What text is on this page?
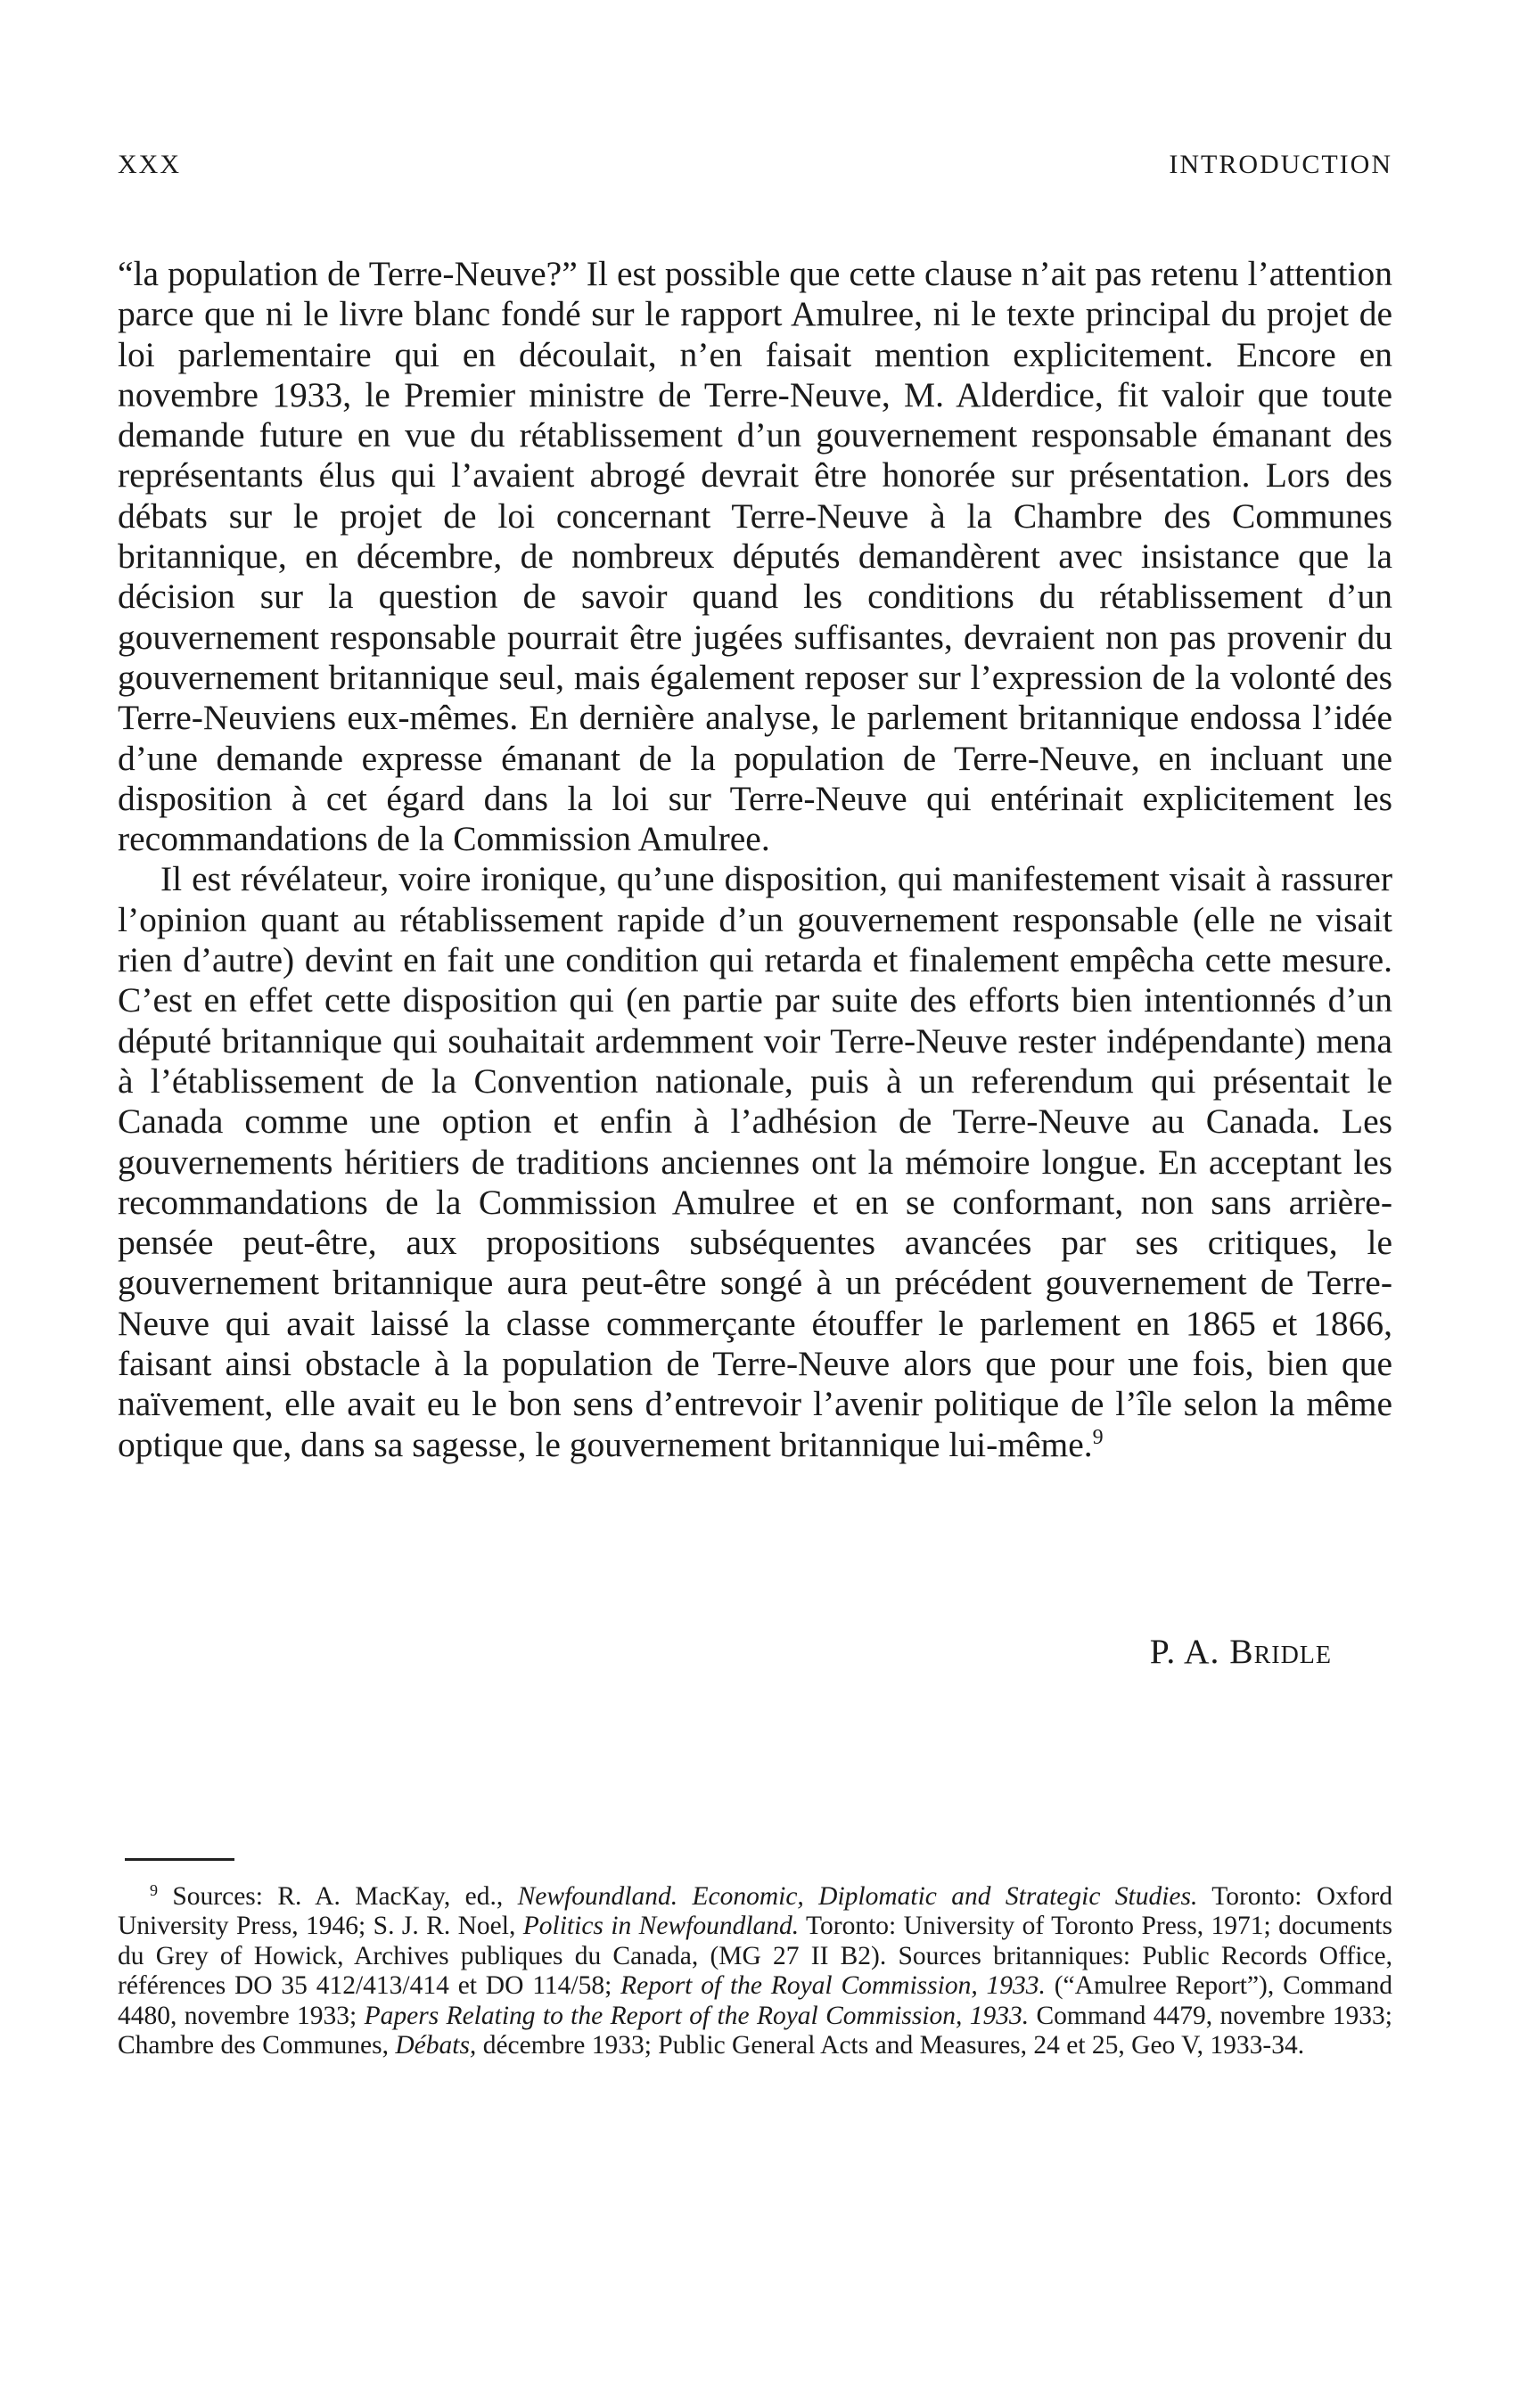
XXX	INTRODUCTION

“la population de Terre-Neuve?” Il est possible que cette clause n’ait pas retenu l’attention parce que ni le livre blanc fondé sur le rapport Amulree, ni le texte principal du projet de loi parlementaire qui en découlait, n’en faisait mention explicitement. Encore en novembre 1933, le Premier ministre de Terre-Neuve, M. Alderdice, fit valoir que toute demande future en vue du rétablissement d’un gouvernement responsable émanant des représentants élus qui l’avaient abrogé devrait être honorée sur présentation. Lors des débats sur le projet de loi concernant Terre-Neuve à la Chambre des Communes britannique, en décembre, de nombreux députés demandèrent avec insistance que la décision sur la question de savoir quand les conditions du rétablissement d’un gouvernement responsable pourrait être jugées suffisantes, devraient non pas provenir du gouvernement britannique seul, mais également reposer sur l’expression de la volonté des Terre-Neuviens eux-mêmes. En dernière analyse, le parlement britannique endossa l’idée d’une demande expresse émanant de la population de Terre-Neuve, en incluant une disposition à cet égard dans la loi sur Terre-Neuve qui entérinait explicitement les recommandations de la Commission Amulree.

Il est révélateur, voire ironique, qu’une disposition, qui manifestement visait à rassurer l’opinion quant au rétablissement rapide d’un gouvernement responsable (elle ne visait rien d’autre) devint en fait une condition qui retarda et finalement empêcha cette mesure. C’est en effet cette disposition qui (en partie par suite des efforts bien intentionnés d’un député britannique qui souhaitait ardemment voir Terre-Neuve rester indépendante) mena à l’établissement de la Convention nationale, puis à un referendum qui présentait le Canada comme une option et enfin à l’adhésion de Terre-Neuve au Canada. Les gouvernements héritiers de traditions anciennes ont la mémoire longue. En acceptant les recommandations de la Commission Amulree et en se conformant, non sans arrière-pensée peut-être, aux propositions subséquentes avancées par ses critiques, le gouvernement britannique aura peut-être songé à un précédent gouvernement de Terre-Neuve qui avait laissé la classe commerçante étouffer le parlement en 1865 et 1866, faisant ainsi obstacle à la population de Terre-Neuve alors que pour une fois, bien que naïvement, elle avait eu le bon sens d’entrevoir l’avenir politique de l’île selon la même optique que, dans sa sagesse, le gouvernement britannique lui-même.$^9$

P. A. Bridle

$^9$ Sources: R. A. MacKay, ed., Newfoundland. Economic, Diplomatic and Strategic Studies. Toronto: Oxford University Press, 1946; S. J. R. Noel, Politics in Newfoundland. Toronto: University of Toronto Press, 1971; documents du Grey of Howick, Archives publiques du Canada, (MG 27 II B2). Sources britanniques: Public Records Office, références DO 35 412/413/414 et DO 114/58; Report of the Royal Commission, 1933. (“Amulree Report”), Command 4480, novembre 1933; Papers Relating to the Report of the Royal Commission, 1933. Command 4479, novembre 1933; Chambre des Communes, Débats, décembre 1933; Public General Acts and Measures, 24 et 25, Geo V, 1933-34.
